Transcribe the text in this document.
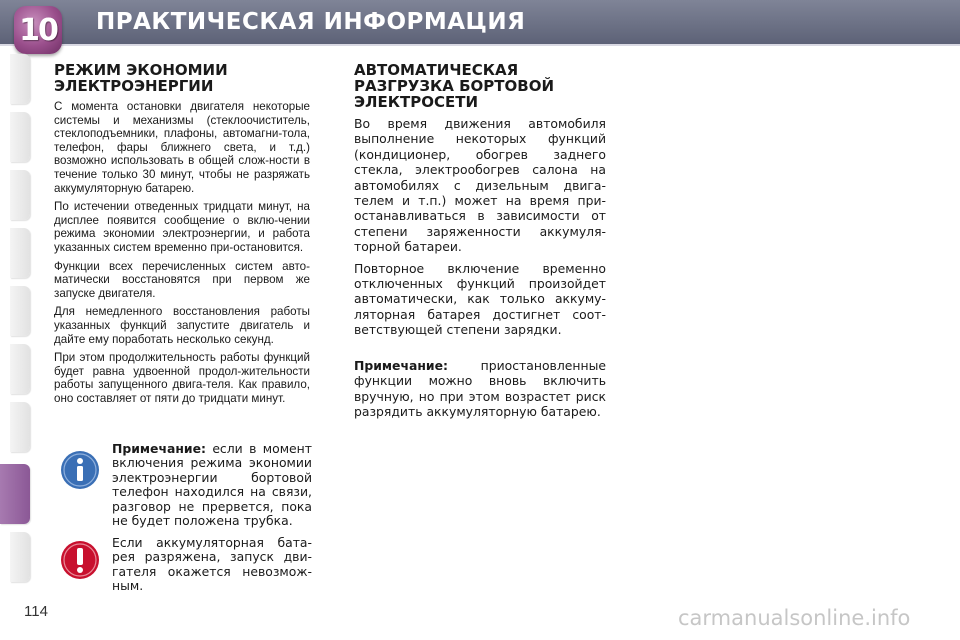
10 ПРАКТИЧЕСКАЯ ИНФОРМАЦИЯ
РЕЖИМ ЭКОНОМИИ ЭЛЕКТРОЭНЕРГИИ

С момента остановки двигателя некоторые системы и механизмы (стеклоочиститель, стеклоподъемники, плафоны, автомагни-тола, телефон, фары ближнего света, и т.д.) возможно использовать в общей слож-ности в течение только 30 минут, чтобы не разряжать аккумуляторную батарею.

По истечении отведенных тридцати минут, на дисплее появится сообщение о вклю-чении режима экономии электроэнергии, и работа указанных систем временно при-остановится.

Функции всех перечисленных систем авто-матически восстановятся при первом же запуске двигателя.

Для немедленного восстановления работы указанных функций запустите двигатель и дайте ему поработать несколько секунд.

При этом продолжительность работы функций будет равна удвоенной продол-жительности работы запущенного двига-теля. Как правило, оно составляет от пяти до тридцати минут.

Примечание: если в момент включения режима экономии электроэнергии бортовой телефон находился на связи, разговор не прервется, пока не будет положена трубка.

Если аккумуляторная бата-рея разряжена, запуск дви-гателя окажется невозмож-ным.

АВТОМАТИЧЕСКАЯ РАЗГРУЗКА БОРТОВОЙ ЭЛЕКТРОСЕТИ

Во время движения автомобиля выполнение некоторых функций (кондиционер, обогрев заднего стекла, электрообогрев салона на автомобилях с дизельным двига-телем и т.п.) может на время при-останавливаться в зависимости от степени заряженности аккумуля-торной батареи.

Повторное включение временно отключенных функций произойдет автоматически, как только аккуму-ляторная батарея достигнет соот-ветствующей степени зарядки.

Примечание: приостановленные функции можно вновь включить вручную, но при этом возрастет риск разрядить аккумуляторную батарею.

114	carmanualsonline.info
